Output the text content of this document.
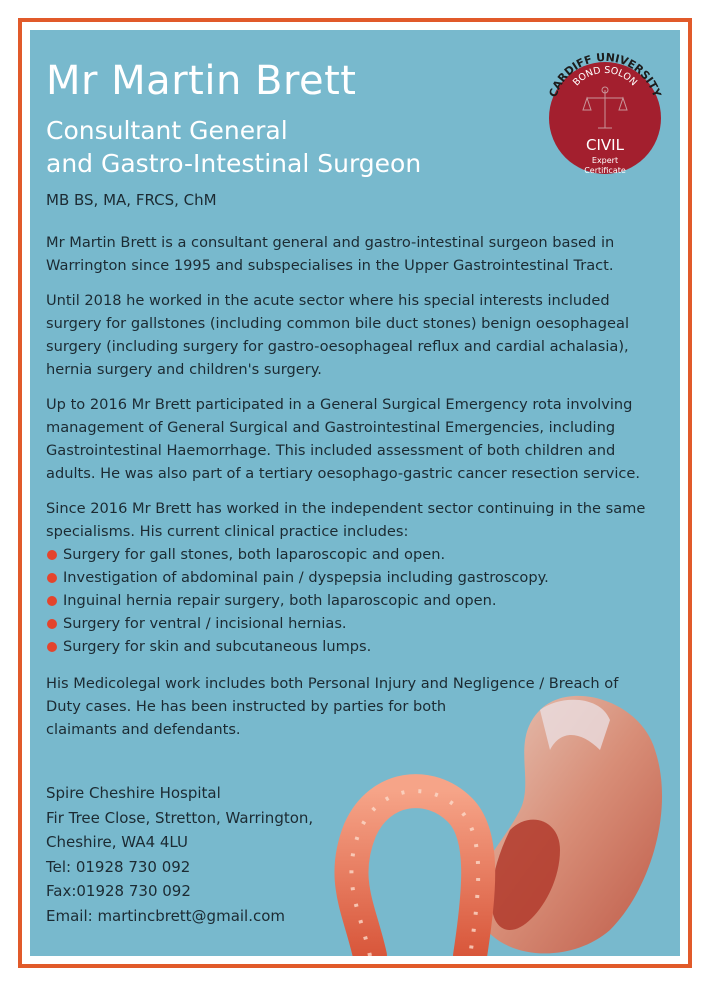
Mr Martin Brett
Consultant General
and Gastro-Intestinal Surgeon
MB BS, MA, FRCS, ChM
CARDIFF UNIVERSITY
BOND SOLON
CIVIL
Expert
Certificate

Mr Martin Brett is a consultant general and gastro-intestinal surgeon based in Warrington since 1995 and subspecialises in the Upper Gastrointestinal Tract.

Until 2018 he worked in the acute sector where his special interests included surgery for gallstones (including common bile duct stones) benign oesophageal surgery (including surgery for gastro-oesophageal reflux and cardial achalasia), hernia surgery and children's surgery.

Up to 2016 Mr Brett participated in a General Surgical Emergency rota involving management of General Surgical and Gastrointestinal Emergencies, including Gastrointestinal Haemorrhage. This included assessment of both children and adults. He was also part of a tertiary oesophago-gastric cancer resection service.

Since 2016 Mr Brett has worked in the independent sector continuing in the same specialisms. His current clinical practice includes:

Surgery for gall stones, both laparoscopic and open.
Investigation of abdominal pain / dyspepsia including gastroscopy.
Inguinal hernia repair surgery, both laparoscopic and open.
Surgery for ventral / incisional hernias.
Surgery for skin and subcutaneous lumps.
His Medicolegal work includes both Personal Injury and Negligence / Breach of Duty cases. He has been instructed by parties for both
claimants and defendants.
Spire Cheshire Hospital
Fir Tree Close, Stretton, Warrington,
Cheshire, WA4 4LU
Tel: 01928 730 092
Fax:01928 730 092
Email: martincbrett@gmail.com
